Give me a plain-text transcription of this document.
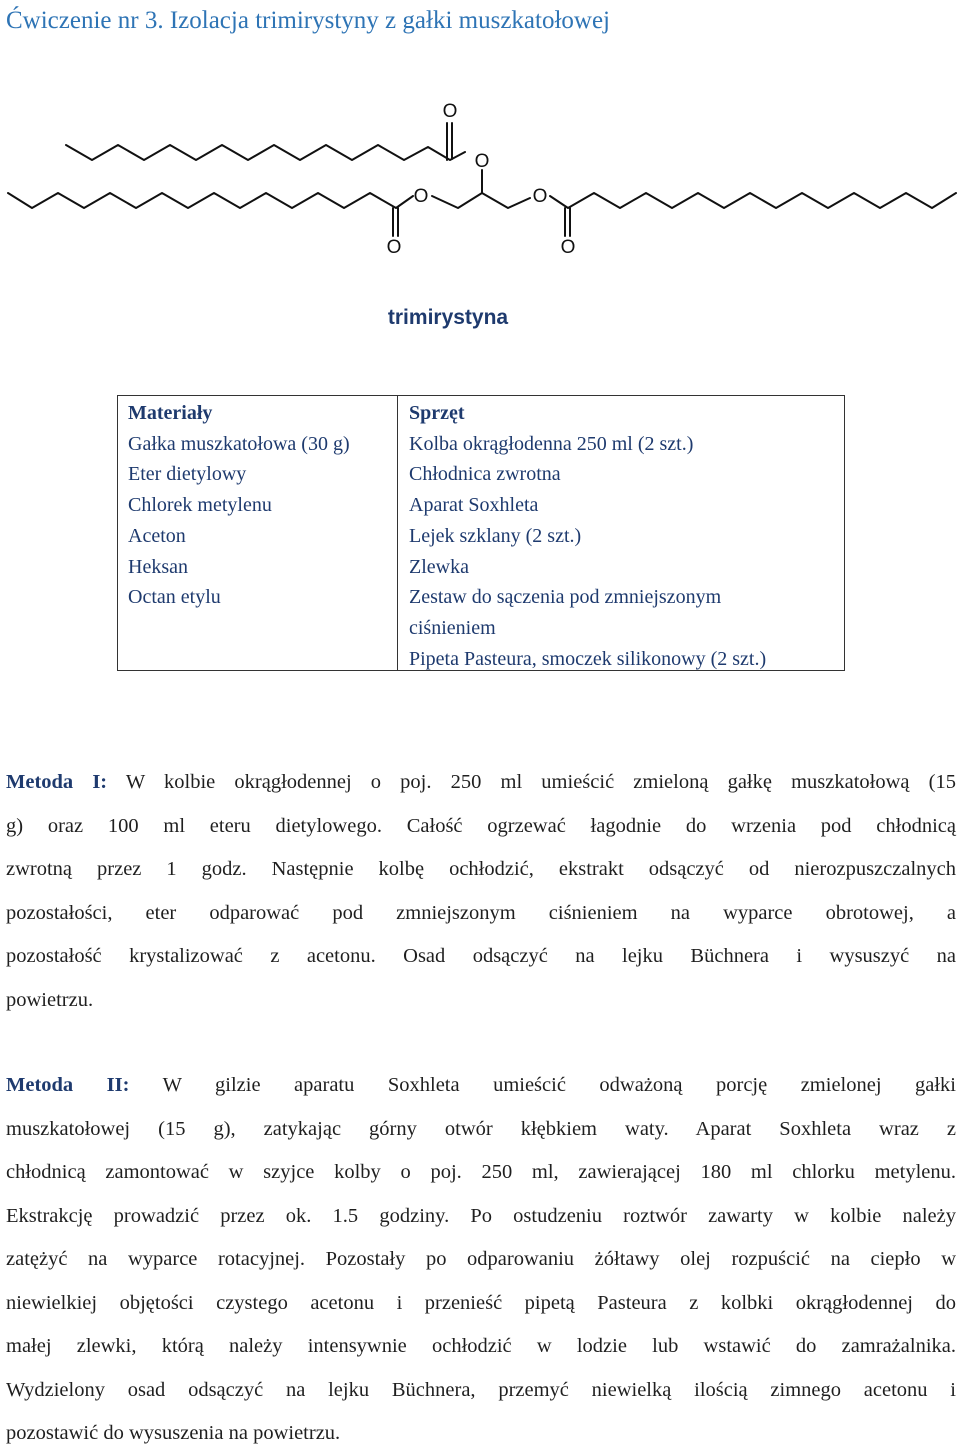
Ćwiczenie nr 3. Izolacja trimirystyny z gałki muszkatołowej
O
O
O	O
O	O
trimirystyna
Materiały
Gałka muszkatołowa (30 g)
Eter dietylowy
Chlorek metylenu
Aceton
Heksan
Octan etylu
Sprzęt
Kolba okrągłodenna 250 ml (2 szt.)
Chłodnica zwrotna
Aparat Soxhleta
Lejek szklany (2 szt.)
Zlewka
Zestaw do sączenia pod zmniejszonym
ciśnieniem
Pipeta Pasteura, smoczek silikonowy (2 szt.)
Metoda I: W kolbie okrągłodennej o poj. 250 ml umieścić zmieloną gałkę muszkatołową (15
g) oraz 100 ml eteru dietylowego. Całość ogrzewać łagodnie do wrzenia pod chłodnicą
zwrotną przez 1 godz. Następnie kolbę ochłodzić, ekstrakt odsączyć od nierozpuszczalnych
pozostałości, eter odparować pod zmniejszonym ciśnieniem na wyparce obrotowej, a
pozostałość krystalizować z acetonu. Osad odsączyć na lejku Büchnera i wysuszyć na
powietrzu.
Metoda II: W gilzie aparatu Soxhleta umieścić odważoną porcję zmielonej gałki
muszkatołowej (15 g), zatykając górny otwór kłębkiem waty. Aparat Soxhleta wraz z
chłodnicą zamontować w szyjce kolby o poj. 250 ml, zawierającej 180 ml chlorku metylenu.
Ekstrakcję prowadzić przez ok. 1.5 godziny. Po ostudzeniu roztwór zawarty w kolbie należy
zatężyć na wyparce rotacyjnej. Pozostały po odparowaniu żółtawy olej rozpuścić na ciepło w
niewielkiej objętości czystego acetonu i przenieść pipetą Pasteura z kolbki okrągłodennej do
małej zlewki, którą należy intensywnie ochłodzić w lodzie lub wstawić do zamrażalnika.
Wydzielony osad odsączyć na lejku Büchnera, przemyć niewielką ilością zimnego acetonu i
pozostawić do wysuszenia na powietrzu.
